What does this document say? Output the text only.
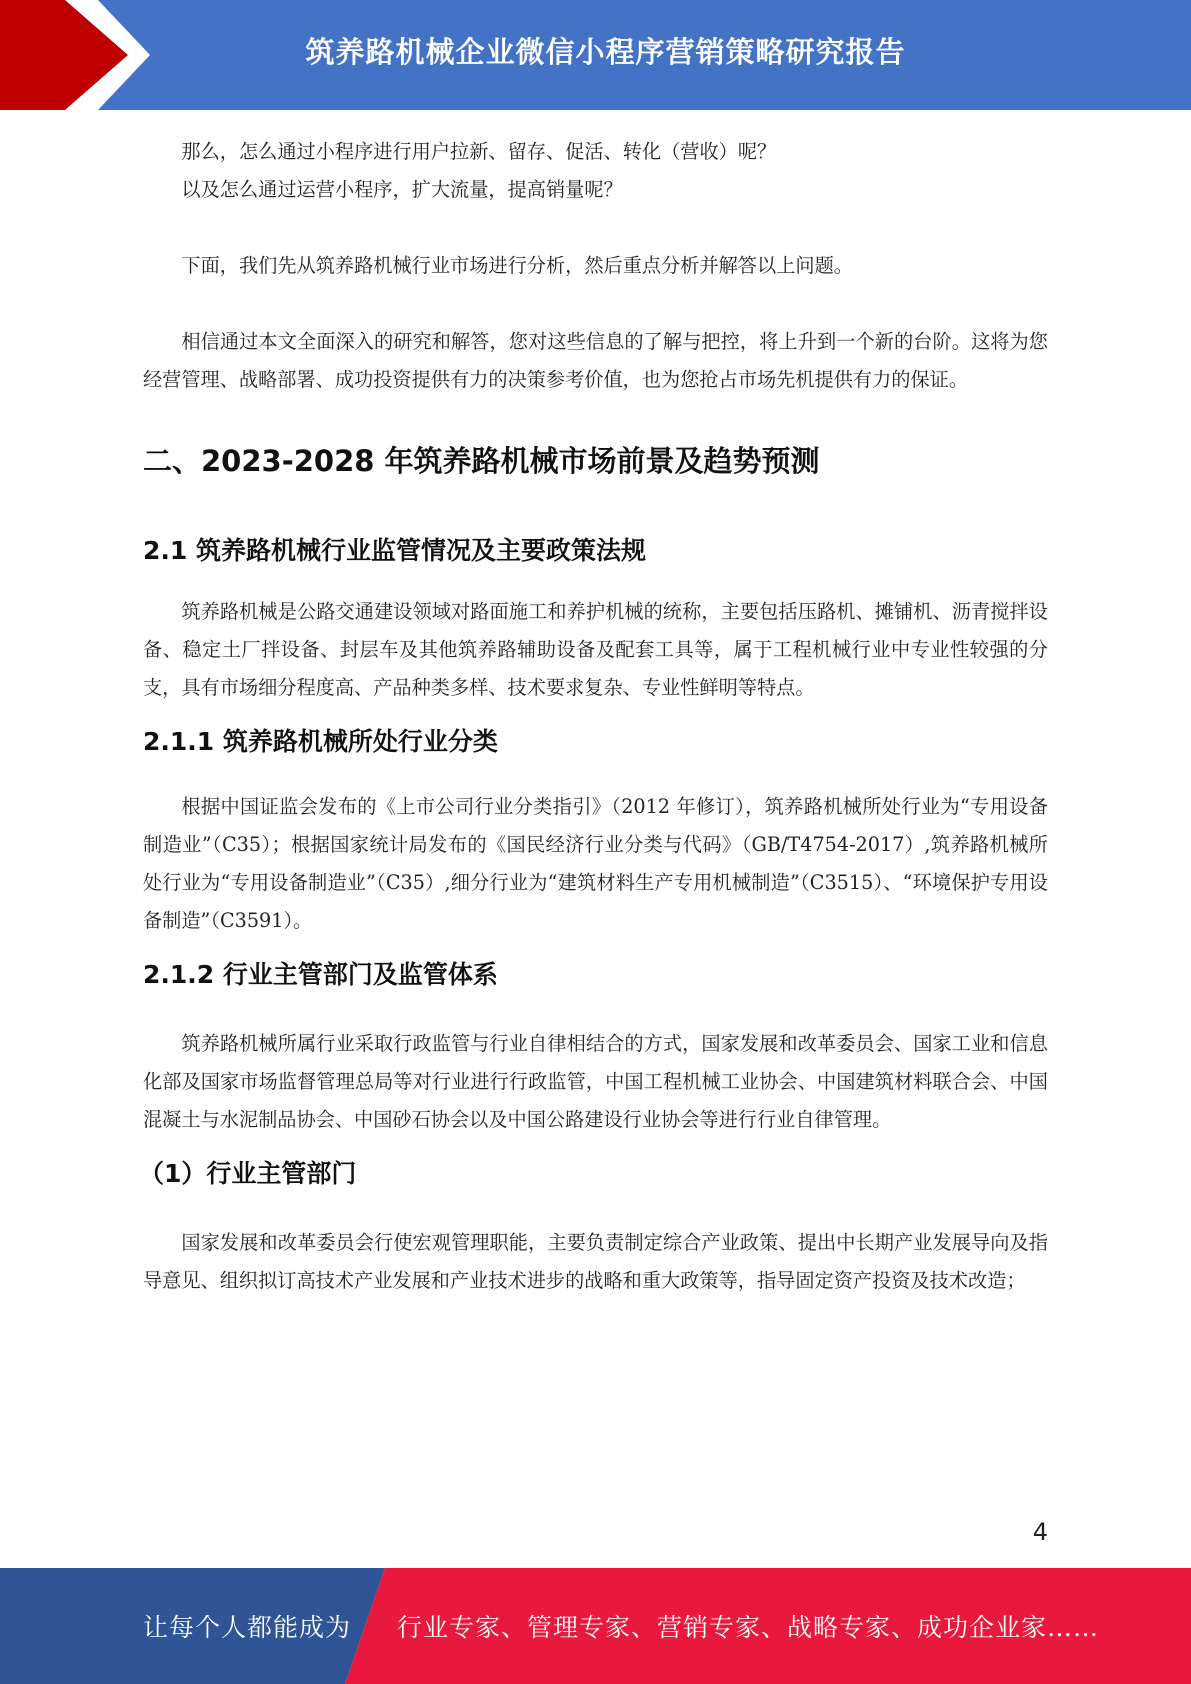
筑养路机械企业微信小程序营销策略研究报告
那么，怎么通过小程序进行用户拉新、留存、促活、转化（营收）呢？
以及怎么通过运营小程序，扩大流量，提高销量呢？
下面，我们先从筑养路机械行业市场进行分析，然后重点分析并解答以上问题。
相信通过本文全面深入的研究和解答，您对这些信息的了解与把控，将上升到一个新的台阶。这将为您经营管理、战略部署、成功投资提供有力的决策参考价值，也为您抢占市场先机提供有力的保证。
二、2023-2028 年筑养路机械市场前景及趋势预测
2.1 筑养路机械行业监管情况及主要政策法规
筑养路机械是公路交通建设领域对路面施工和养护机械的统称，主要包括压路机、摊铺机、沥青搅拌设备、稳定土厂拌设备、封层车及其他筑养路辅助设备及配套工具等，属于工程机械行业中专业性较强的分支，具有市场细分程度高、产品种类多样、技术要求复杂、专业性鲜明等特点。
2.1.1 筑养路机械所处行业分类
根据中国证监会发布的《上市公司行业分类指引》（2012 年修订），筑养路机械所处行业为“专用设备制造业”（C35）；根据国家统计局发布的《国民经济行业分类与代码》（GB/T4754-2017）,筑养路机械所处行业为“专用设备制造业”（C35）,细分行业为“建筑材料生产专用机械制造”（C3515）、“环境保护专用设备制造”（C3591）。
2.1.2 行业主管部门及监管体系
筑养路机械所属行业采取行政监管与行业自律相结合的方式，国家发展和改革委员会、国家工业和信息化部及国家市场监督管理总局等对行业进行行政监管，中国工程机械工业协会、中国建筑材料联合会、中国混凝土与水泥制品协会、中国砂石协会以及中国公路建设行业协会等进行行业自律管理。
（1）行业主管部门
国家发展和改革委员会行使宏观管理职能，主要负责制定综合产业政策、提出中长期产业发展导向及指导意见、组织拟订高技术产业发展和产业技术进步的战略和重大政策等，指导固定资产投资及技术改造；
4
让每个人都能成为 行业专家、管理专家、营销专家、战略专家、成功企业家……
